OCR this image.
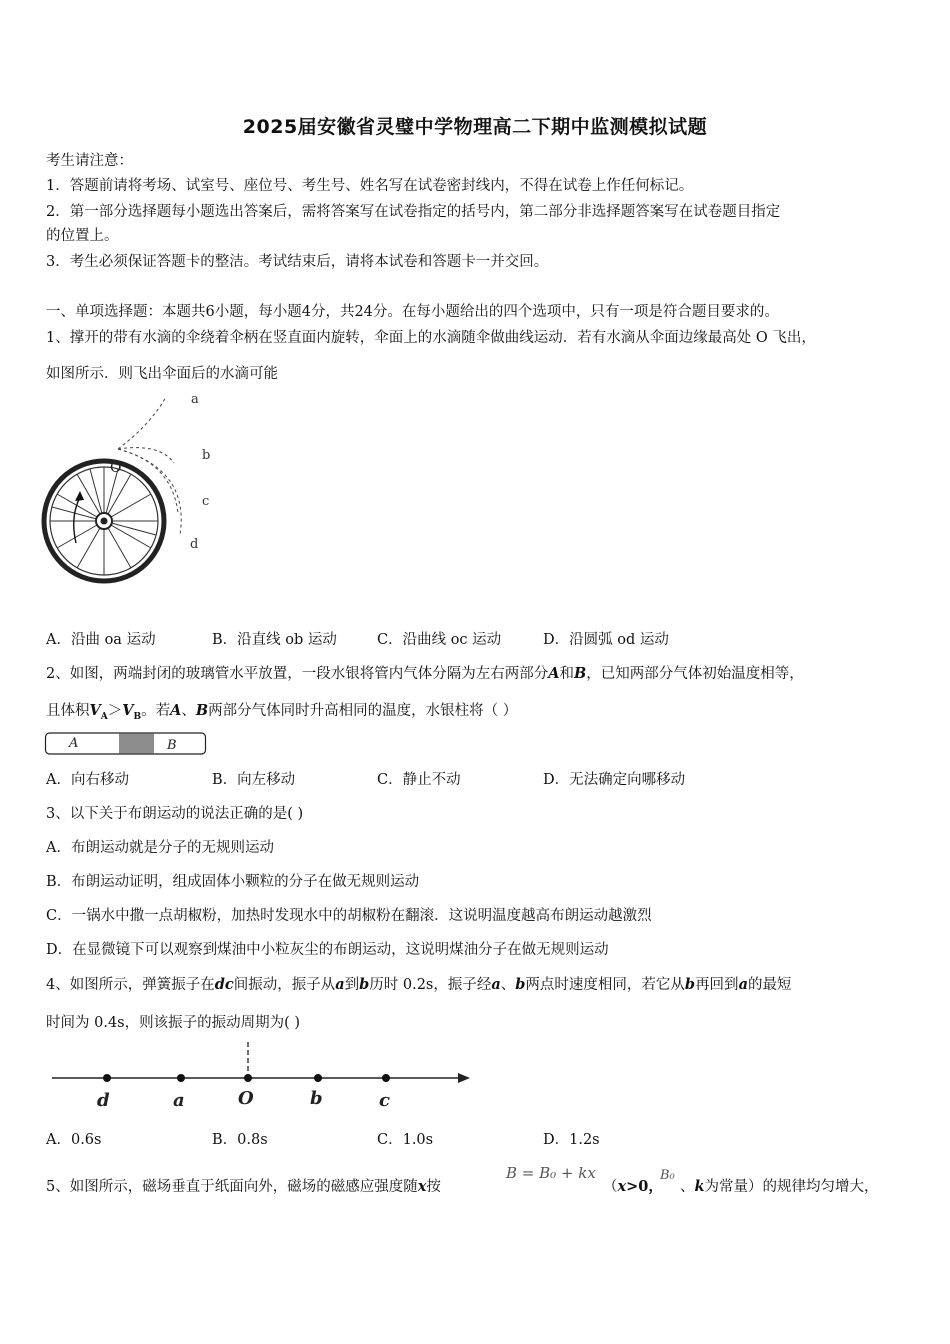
2025届安徽省灵璧中学物理高二下期中监测模拟试题
考生请注意：
1．答题前请将考场、试室号、座位号、考生号、姓名写在试卷密封线内，不得在试卷上作任何标记。
2．第一部分选择题每小题选出答案后，需将答案写在试卷指定的括号内，第二部分非选择题答案写在试卷题目指定
的位置上。
3．考生必须保证答题卡的整洁。考试结束后，请将本试卷和答题卡一并交回。
一、单项选择题：本题共6小题，每小题4分，共24分。在每小题给出的四个选项中，只有一项是符合题目要求的。
1、撑开的带有水滴的伞绕着伞柄在竖直面内旋转，伞面上的水滴随伞做曲线运动．若有水滴从伞面边缘最高处 O 飞出，
如图所示．则飞出伞面后的水滴可能
O
a
b
c
d
A．沿曲 oa 运动	B．沿直线 ob 运动	C．沿曲线 oc 运动	D．沿圆弧 od 运动
2、如图，两端封闭的玻璃管水平放置，一段水银将管内气体分隔为左右两部分A和B，已知两部分气体初始温度相等，
且体积$V_A>V_B$。若A、B两部分气体同时升高相同的温度，水银柱将（ ）
A	B
A．向右移动	B．向左移动	C．静止不动	D．无法确定向哪移动
3、以下关于布朗运动的说法正确的是( )
A．布朗运动就是分子的无规则运动
B．布朗运动证明，组成固体小颗粒的分子在做无规则运动
C．一锅水中撒一点胡椒粉，加热时发现水中的胡椒粉在翻滚．这说明温度越高布朗运动越激烈
D．在显微镜下可以观察到煤油中小粒灰尘的布朗运动，这说明煤油分子在做无规则运动
4、如图所示，弹簧振子在dc间振动，振子从a到b历时 0.2s，振子经a、b两点时速度相同，若它从b再回到a的最短
时间为 0.4s，则该振子的振动周期为( )
d	a	O	b	c
A．0.6s	B．0.8s	C．1.0s	D．1.2s
5、如图所示，磁场垂直于纸面向外，磁场的磁感应强度随x按
B = B₀ + kx
（x>0，
B₀
、k为常量）的规律均匀增大，
